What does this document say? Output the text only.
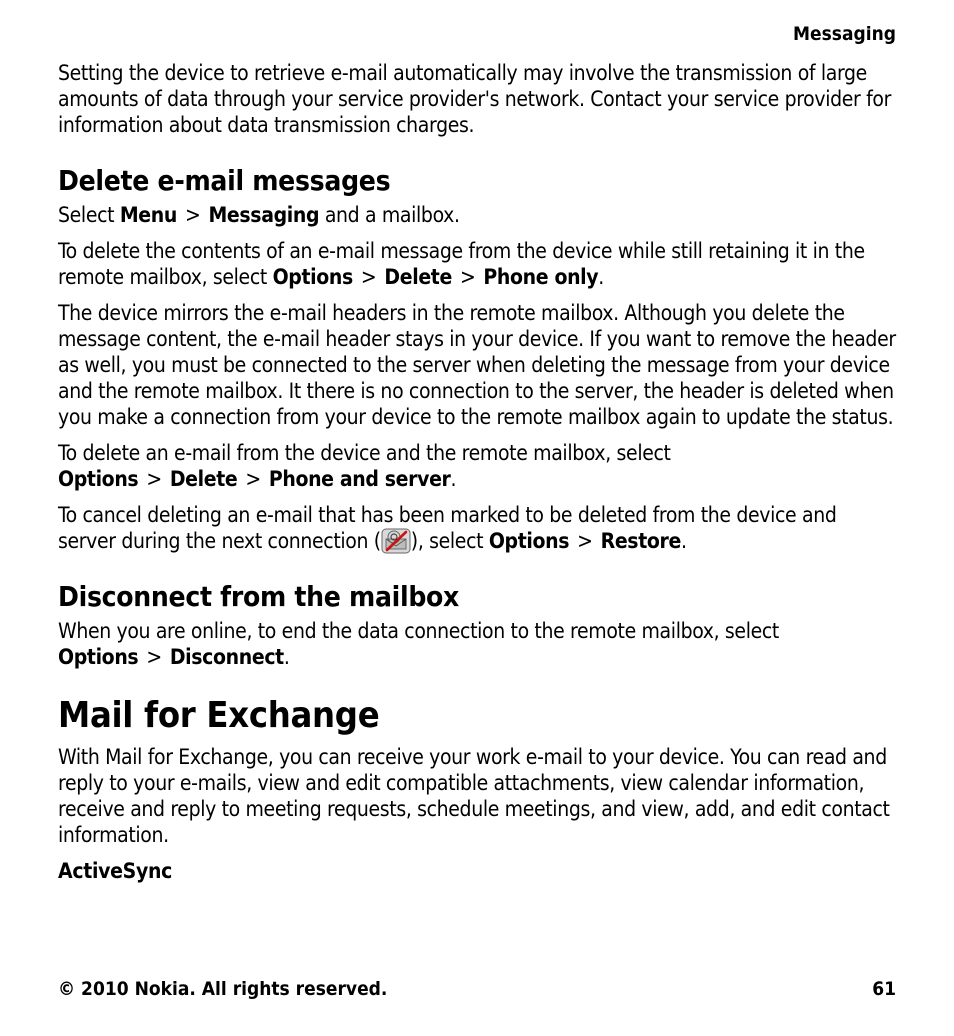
Messaging

Setting the device to retrieve e-mail automatically may involve the transmission of large amounts of data through your service provider's network. Contact your service provider for information about data transmission charges.

Delete e-mail messages

Select Menu > Messaging and a mailbox.

To delete the contents of an e-mail message from the device while still retaining it in the remote mailbox, select Options > Delete > Phone only.

The device mirrors the e-mail headers in the remote mailbox. Although you delete the message content, the e-mail header stays in your device. If you want to remove the header as well, you must be connected to the server when deleting the message from your device and the remote mailbox. It there is no connection to the server, the header is deleted when you make a connection from your device to the remote mailbox again to update the status.

To delete an e-mail from the device and the remote mailbox, select Options > Delete > Phone and server.

To cancel deleting an e-mail that has been marked to be deleted from the device and server during the next connection ( ), select Options > Restore.

Disconnect from the mailbox

When you are online, to end the data connection to the remote mailbox, select Options > Disconnect.

Mail for Exchange

With Mail for Exchange, you can receive your work e-mail to your device. You can read and reply to your e-mails, view and edit compatible attachments, view calendar information, receive and reply to meeting requests, schedule meetings, and view, add, and edit contact information.

ActiveSync
© 2010 Nokia. All rights reserved.	61
